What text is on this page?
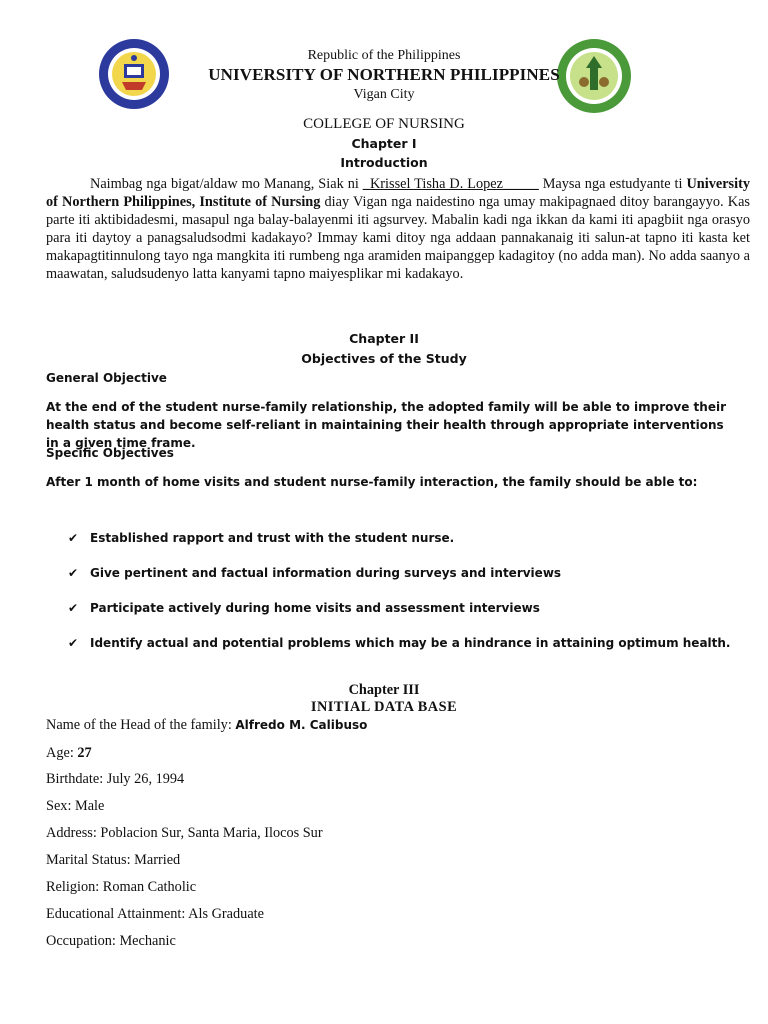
Republic of the Philippines
UNIVERSITY OF NORTHERN PHILIPPINES
Vigan City
COLLEGE OF NURSING
Chapter I
Introduction

Naimbag nga bigat/aldaw mo Manang, Siak ni _Krissel Tisha D. Lopez_____ Maysa nga estudyante ti University of Northern Philippines, Institute of Nursing diay Vigan nga naidestino nga umay makipagnaed ditoy barangayyo. Kas parte iti aktibidadesmi, masapul nga balay-balayenmi iti agsurvey. Mabalin kadi nga ikkan da kami iti apagbiit nga orasyo para iti daytoy a panagsaludsodmi kadakayo? Immay kami ditoy nga addaan pannakanaig iti salun-at tapno iti kasta ket makapagtitinnulong tayo nga mangkita iti rumbeng nga aramiden maipanggep kadagitoy (no adda man). No adda saanyo a maawatan, saludsudenyo latta kanyami tapno maiyesplikar mi kadakayo.

Chapter II
Objectives of the Study
General Objective
At the end of the student nurse-family relationship, the adopted family will be able to improve their health status and become self-reliant in maintaining their health through appropriate interventions in a given time frame.
Specific Objectives
After 1 month of home visits and student nurse-family interaction, the family should be able to:
✔ Established rapport and trust with the student nurse.
✔ Give pertinent and factual information during surveys and interviews
✔ Participate actively during home visits and assessment interviews
✔ Identify actual and potential problems which may be a hindrance in attaining optimum health.
Chapter III
INITIAL DATA BASE
Name of the Head of the family: Alfredo M. Calibuso
Age: 27
Birthdate: July 26, 1994
Sex: Male
Address: Poblacion Sur, Santa Maria, Ilocos Sur
Marital Status: Married
Religion: Roman Catholic
Educational Attainment: Als Graduate
Occupation: Mechanic
